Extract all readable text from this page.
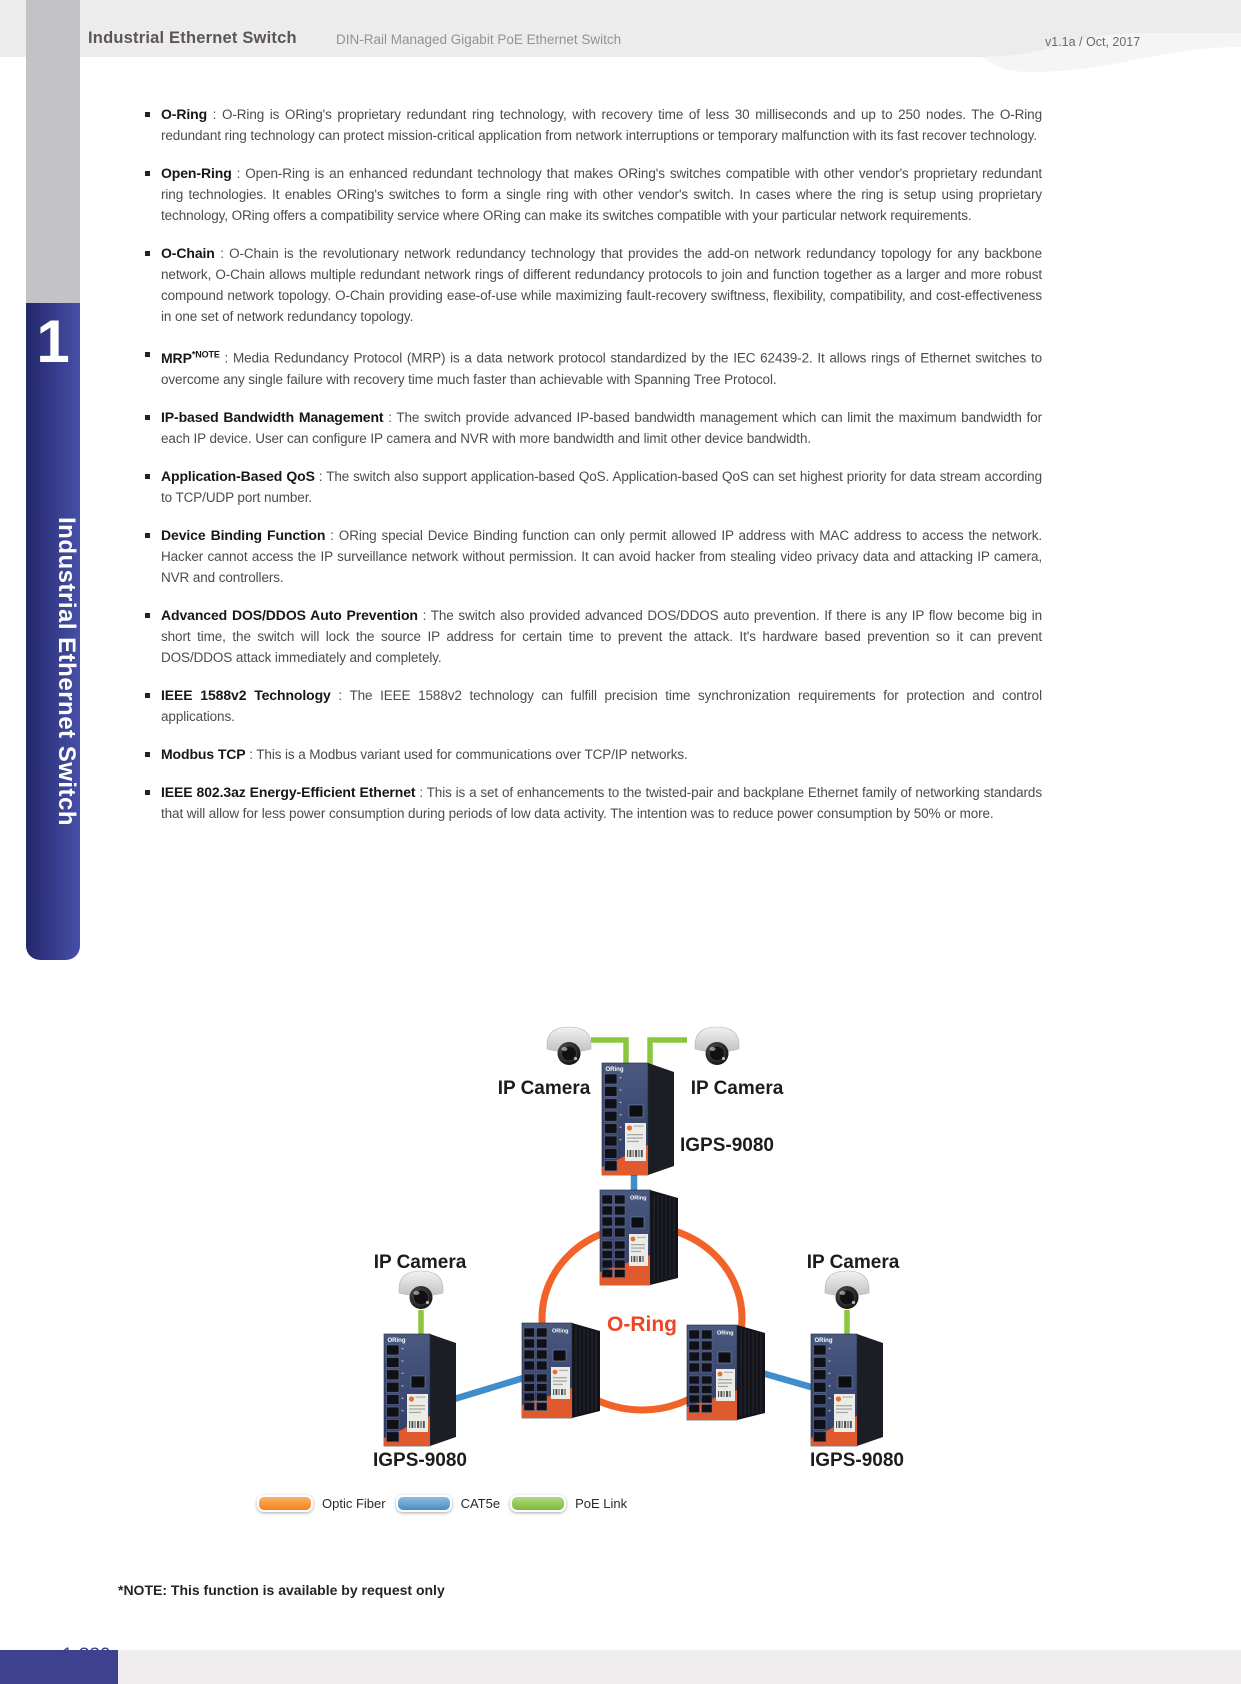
Industrial Ethernet Switch	DIN-Rail Managed Gigabit PoE Ethernet Switch	v1.1a / Oct, 2017
1
Industrial Ethernet Switch
O-Ring : O-Ring is ORing's proprietary redundant ring technology, with recovery time of less 30 milliseconds and up to 250 nodes. The O-Ring redundant ring technology can protect mission-critical application from network interruptions or temporary malfunction with its fast recover technology.
Open-Ring : Open-Ring is an enhanced redundant technology that makes ORing's switches compatible with other vendor's proprietary redundant ring technologies. It enables ORing's switches to form a single ring with other vendor's switch. In cases where the ring is setup using proprietary technology, ORing offers a compatibility service where ORing can make its switches compatible with your particular network requirements.
O-Chain : O-Chain is the revolutionary network redundancy technology that provides the add-on network redundancy topology for any backbone network, O-Chain allows multiple redundant network rings of different redundancy protocols to join and function together as a larger and more robust compound network topology. O-Chain providing ease-of-use while maximizing fault-recovery swiftness, flexibility, compatibility, and cost-effectiveness in one set of network redundancy topology.
$MRP^{*NOTE}$ : Media Redundancy Protocol (MRP) is a data network protocol standardized by the IEC 62439-2. It allows rings of Ethernet switches to overcome any single failure with recovery time much faster than achievable with Spanning Tree Protocol.
IP-based Bandwidth Management : The switch provide advanced IP-based bandwidth management which can limit the maximum bandwidth for each IP device. User can configure IP camera and NVR with more bandwidth and limit other device bandwidth.
Application-Based QoS : The switch also support application-based QoS. Application-based QoS can set highest priority for data stream according to TCP/UDP port number.
Device Binding Function : ORing special Device Binding function can only permit allowed IP address with MAC address to access the network. Hacker cannot access the IP surveillance network without permission. It can avoid hacker from stealing video privacy data and attacking IP camera, NVR and controllers.
Advanced DOS/DDOS Auto Prevention : The switch also provided advanced DOS/DDOS auto prevention. If there is any IP flow become big in short time, the switch will lock the source IP address for certain time to prevent the attack. It's hardware based prevention so it can prevent DOS/DDOS attack immediately and completely.
IEEE 1588v2 Technology : The IEEE 1588v2 technology can fulfill precision time synchronization requirements for protection and control applications.
Modbus TCP : This is a Modbus variant used for communications over TCP/IP networks.
IEEE 802.3az Energy-Efficient Ethernet : This is a set of enhancements to the twisted-pair and backplane Ethernet family of networking standards that will allow for less power consumption during periods of low data activity. The intention was to reduce power consumption by 50% or more.
ORing	ORing
IP Camera	IP Camera
IGPS-9080
O-Ring
IP Camera	IP Camera
IGPS-9080	IGPS-9080
Optic Fiber	CAT5e	PoE Link
*NOTE: This function is available by request only
